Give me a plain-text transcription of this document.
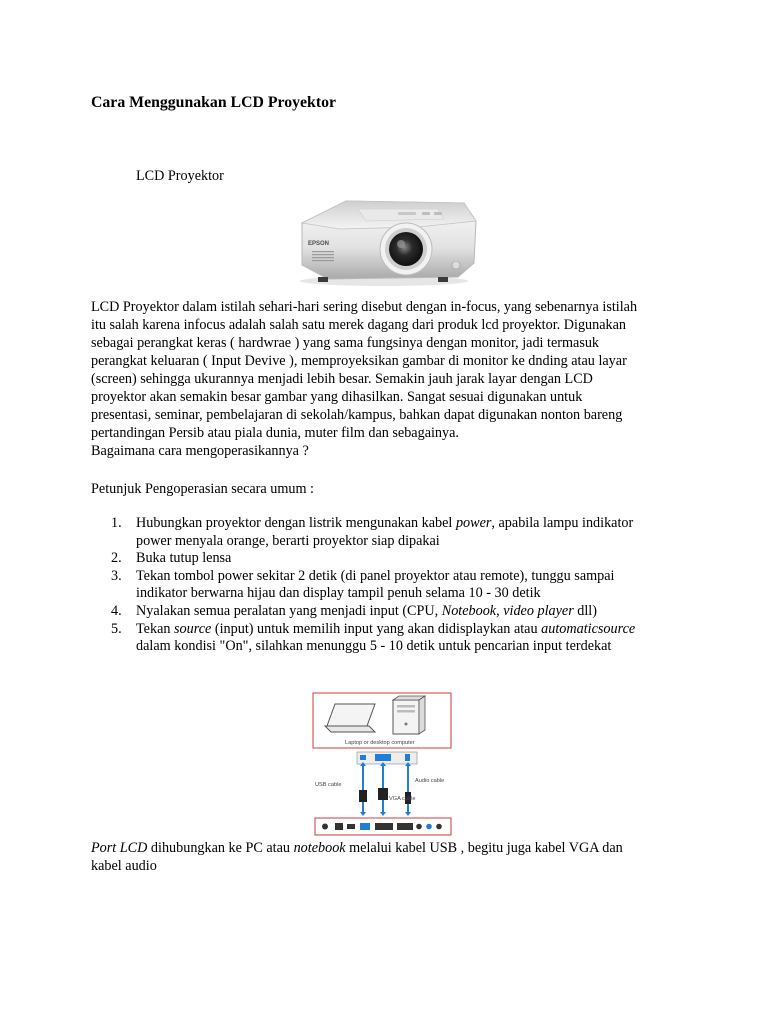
Cara Menggunakan LCD Proyektor
LCD Proyektor
EPSON

LCD Proyektor dalam istilah sehari-hari sering disebut dengan in-focus, yang sebenarnya istilah

itu salah karena infocus adalah salah satu merek dagang dari produk lcd proyektor. Digunakan

sebagai perangkat keras ( hardwrae ) yang sama fungsinya dengan monitor, jadi termasuk

perangkat keluaran ( Input Devive ), memproyeksikan gambar di monitor ke dnding atau layar

(screen) sehingga ukurannya menjadi lebih besar. Semakin jauh jarak layar dengan LCD

proyektor akan semakin besar gambar yang dihasilkan. Sangat sesuai digunakan untuk

presentasi, seminar, pembelajaran di sekolah/kampus, bahkan dapat digunakan nonton bareng

pertandingan Persib atau piala dunia, muter film dan sebagainya.

Bagaimana cara mengoperasikannya ?

Petunjuk Pengoperasian secara umum :
1. Hubungkan proyektor dengan listrik mengunakan kabel power, apabila lampu indikator
power menyala orange, berarti proyektor siap dipakai
2. Buka tutup lensa
3. Tekan tombol power sekitar 2 detik (di panel proyektor atau remote), tunggu sampai
indikator berwarna hijau dan display tampil penuh selama 10 - 30 detik
4. Nyalakan semua peralatan yang menjadi input (CPU, Notebook, video player dll)
5. Tekan source (input) untuk memilih input yang akan didisplaykan atau automaticsource
dalam kondisi "On", silahkan menunggu 5 - 10 detik untuk pencarian input terdekat
Laptop or desktop computer
USB cable
VGA cable
Audio cable

Port LCD dihubungkan ke PC atau notebook melalui kabel USB , begitu juga kabel VGA dan

kabel audio
